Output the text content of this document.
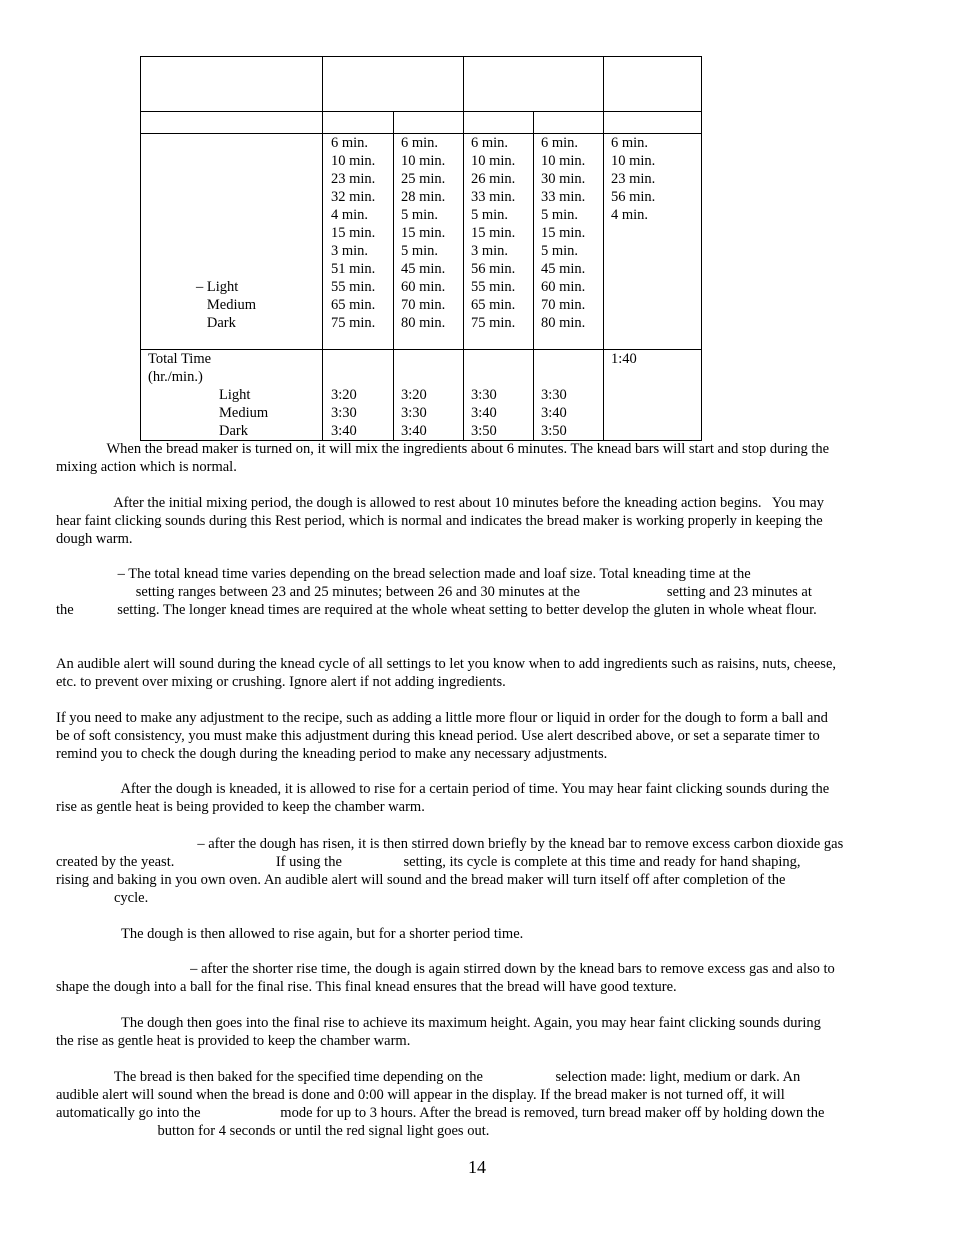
– Light
Medium
Dark
6 min.
10 min.
23 min.
32 min.
4 min.
15 min.
3 min.
51 min.
55 min.
65 min.
75 min.
6 min.
10 min.
25 min.
28 min.
5 min.
15 min.
5 min.
45 min.
60 min.
70 min.
80 min.
6 min.
10 min.
26 min.
33 min.
5 min.
15 min.
3 min.
56 min.
55 min.
65 min.
75 min.
6 min.
10 min.
30 min.
33 min.
5 min.
15 min.
5 min.
45 min.
60 min.
70 min.
80 min.
6 min.
10 min.
23 min.
56 min.
4 min.
Total Time
(hr./min.)
Light
Medium
Dark

3:20
3:30
3:40

3:20
3:30
3:40

3:30
3:40
3:50

3:30
3:40
3:50
1:40
When the bread maker is turned on, it will mix the ingredients about 6 minutes. The knead bars will start and stop during the
mixing action which is normal.
After the initial mixing period, the dough is allowed to rest about 10 minutes before the kneading action begins.   You may
hear faint clicking sounds during this Rest period, which is normal and indicates the bread maker is working properly in keeping the
dough warm.
– The total knead time varies depending on the bread selection made and loaf size. Total kneading time at the
setting ranges between 23 and 25 minutes; between 26 and 30 minutes at the                        setting and 23 minutes at
the            setting. The longer knead times are required at the whole wheat setting to better develop the gluten in whole wheat flour.
An audible alert will sound during the knead cycle of all settings to let you know when to add ingredients such as raisins, nuts, cheese,
etc. to prevent over mixing or crushing. Ignore alert if not adding ingredients.
If you need to make any adjustment to the recipe, such as adding a little more flour or liquid in order for the dough to form a ball and
be of soft consistency, you must make this adjustment during this knead period. Use alert described above, or set a separate timer to
remind you to check the dough during the kneading period to make any necessary adjustments.
After the dough is kneaded, it is allowed to rise for a certain period of time. You may hear faint clicking sounds during the
rise as gentle heat is being provided to keep the chamber warm.
– after the dough has risen, it is then stirred down briefly by the knead bar to remove excess carbon dioxide gas
created by the yeast.                            If using the                 setting, its cycle is complete at this time and ready for hand shaping,
rising and baking in you own oven. An audible alert will sound and the bread maker will turn itself off after completion of the
cycle.
The dough is then allowed to rise again, but for a shorter period time.
– after the shorter rise time, the dough is again stirred down by the knead bars to remove excess gas and also to
shape the dough into a ball for the final rise. This final knead ensures that the bread will have good texture.
The dough then goes into the final rise to achieve its maximum height. Again, you may hear faint clicking sounds during
the rise as gentle heat is provided to keep the chamber warm.
The bread is then baked for the specified time depending on the                    selection made: light, medium or dark. An
audible alert will sound when the bread is done and 0:00 will appear in the display. If the bread maker is not turned off, it will
automatically go into the                      mode for up to 3 hours. After the bread is removed, turn bread maker off by holding down the
button for 4 seconds or until the red signal light goes out.
14
